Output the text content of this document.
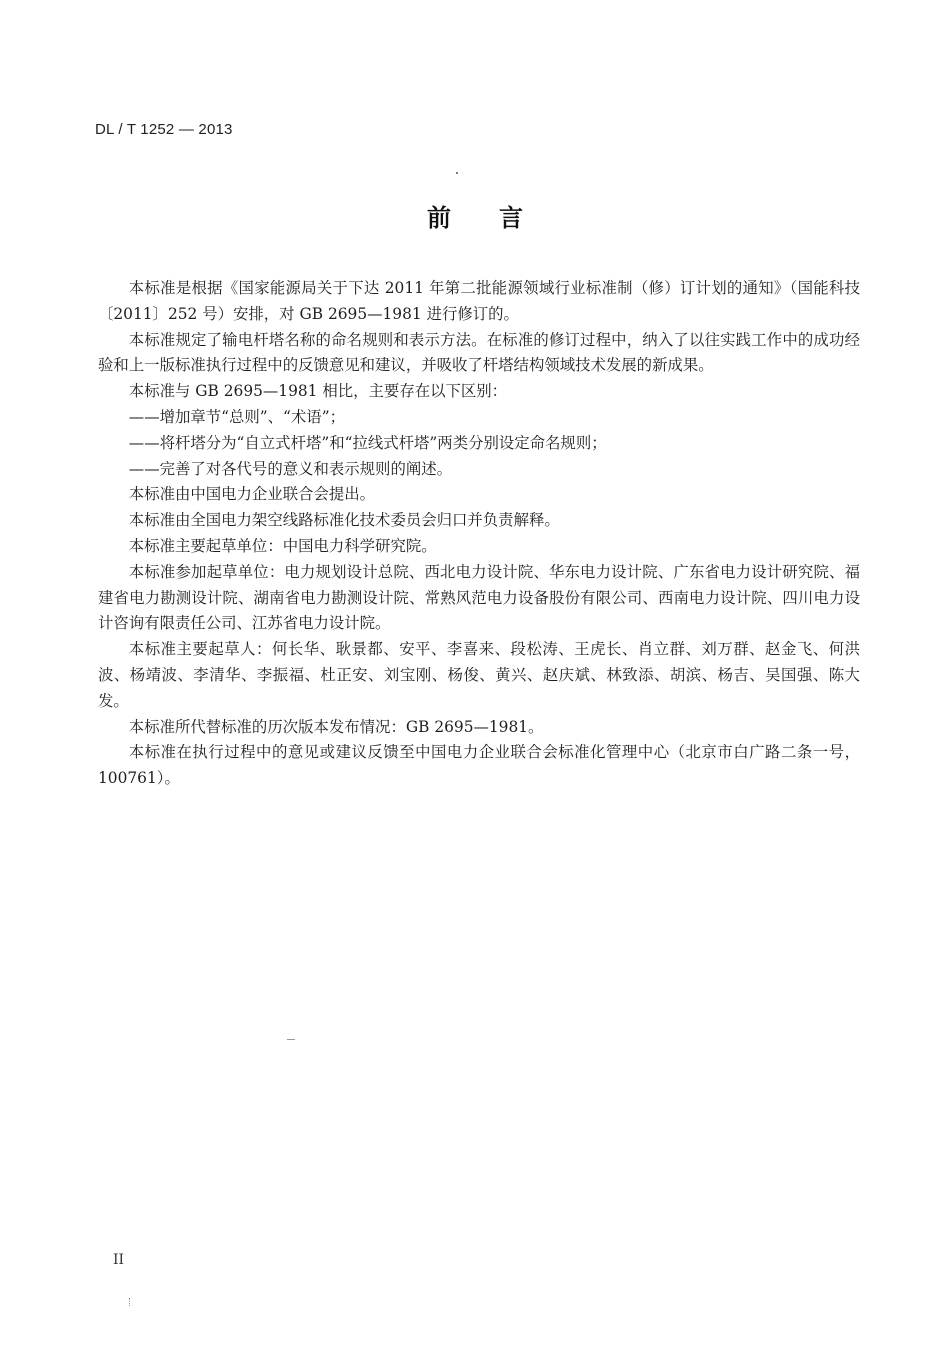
DL / T 1252 — 2013
前言

本标准是根据《国家能源局关于下达 2011 年第二批能源领域行业标准制（修）订计划的通知》（国能科技〔2011〕252 号）安排，对 GB 2695—1981 进行修订的。

本标准规定了输电杆塔名称的命名规则和表示方法。在标准的修订过程中，纳入了以往实践工作中的成功经验和上一版标准执行过程中的反馈意见和建议，并吸收了杆塔结构领域技术发展的新成果。

本标准与 GB 2695—1981 相比，主要存在以下区别：

——增加章节“总则”、“术语”；

——将杆塔分为“自立式杆塔”和“拉线式杆塔”两类分别设定命名规则；

——完善了对各代号的意义和表示规则的阐述。

本标准由中国电力企业联合会提出。

本标准由全国电力架空线路标准化技术委员会归口并负责解释。

本标准主要起草单位：中国电力科学研究院。

本标准参加起草单位：电力规划设计总院、西北电力设计院、华东电力设计院、广东省电力设计研究院、福建省电力勘测设计院、湖南省电力勘测设计院、常熟风范电力设备股份有限公司、西南电力设计院、四川电力设计咨询有限责任公司、江苏省电力设计院。

本标准主要起草人：何长华、耿景都、安平、李喜来、段松涛、王虎长、肖立群、刘万群、赵金飞、何洪波、杨靖波、李清华、李振福、杜正安、刘宝刚、杨俊、黄兴、赵庆斌、林致添、胡滨、杨吉、吴国强、陈大发。

本标准所代替标准的历次版本发布情况：GB 2695—1981。

本标准在执行过程中的意见或建议反馈至中国电力企业联合会标准化管理中心（北京市白广路二条一号，100761）。

II
